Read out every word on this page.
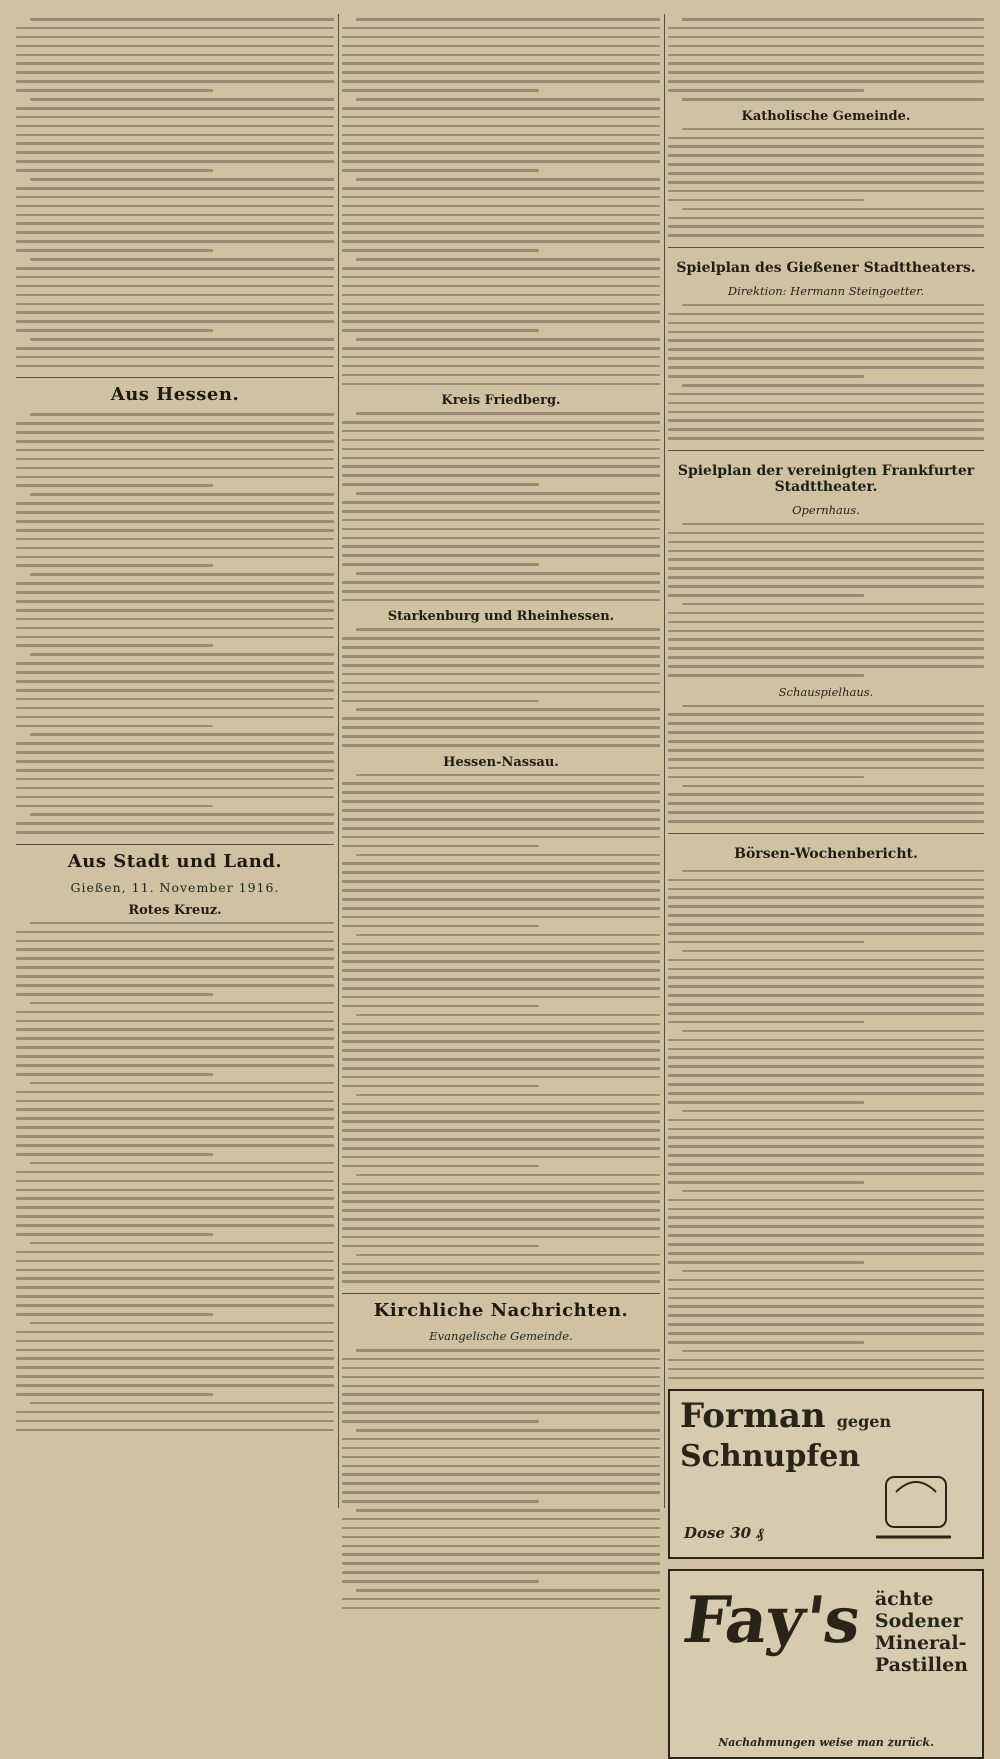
Aus Hessen.
Aus Stadt und Land.
Gießen, 11. November 1916.
Rotes Kreuz.
Kreis Friedberg.
Starkenburg und Rheinhessen.
Hessen-Nassau.
Kirchliche Nachrichten.
Evangelische Gemeinde.
Katholische Gemeinde.
Spielplan des Gießener Stadttheaters.
Direktion: Hermann Steingoetter.
Spielplan der vereinigten Frankfurter Stadttheater.
Opernhaus.
Schauspielhaus.
Börsen-Wochenbericht.
Forman gegen
Schnupfen
Dose 30 ₰
Fay's ächte
Sodener
Mineral-
Pastillen
Nachahmungen weise man zurück.
